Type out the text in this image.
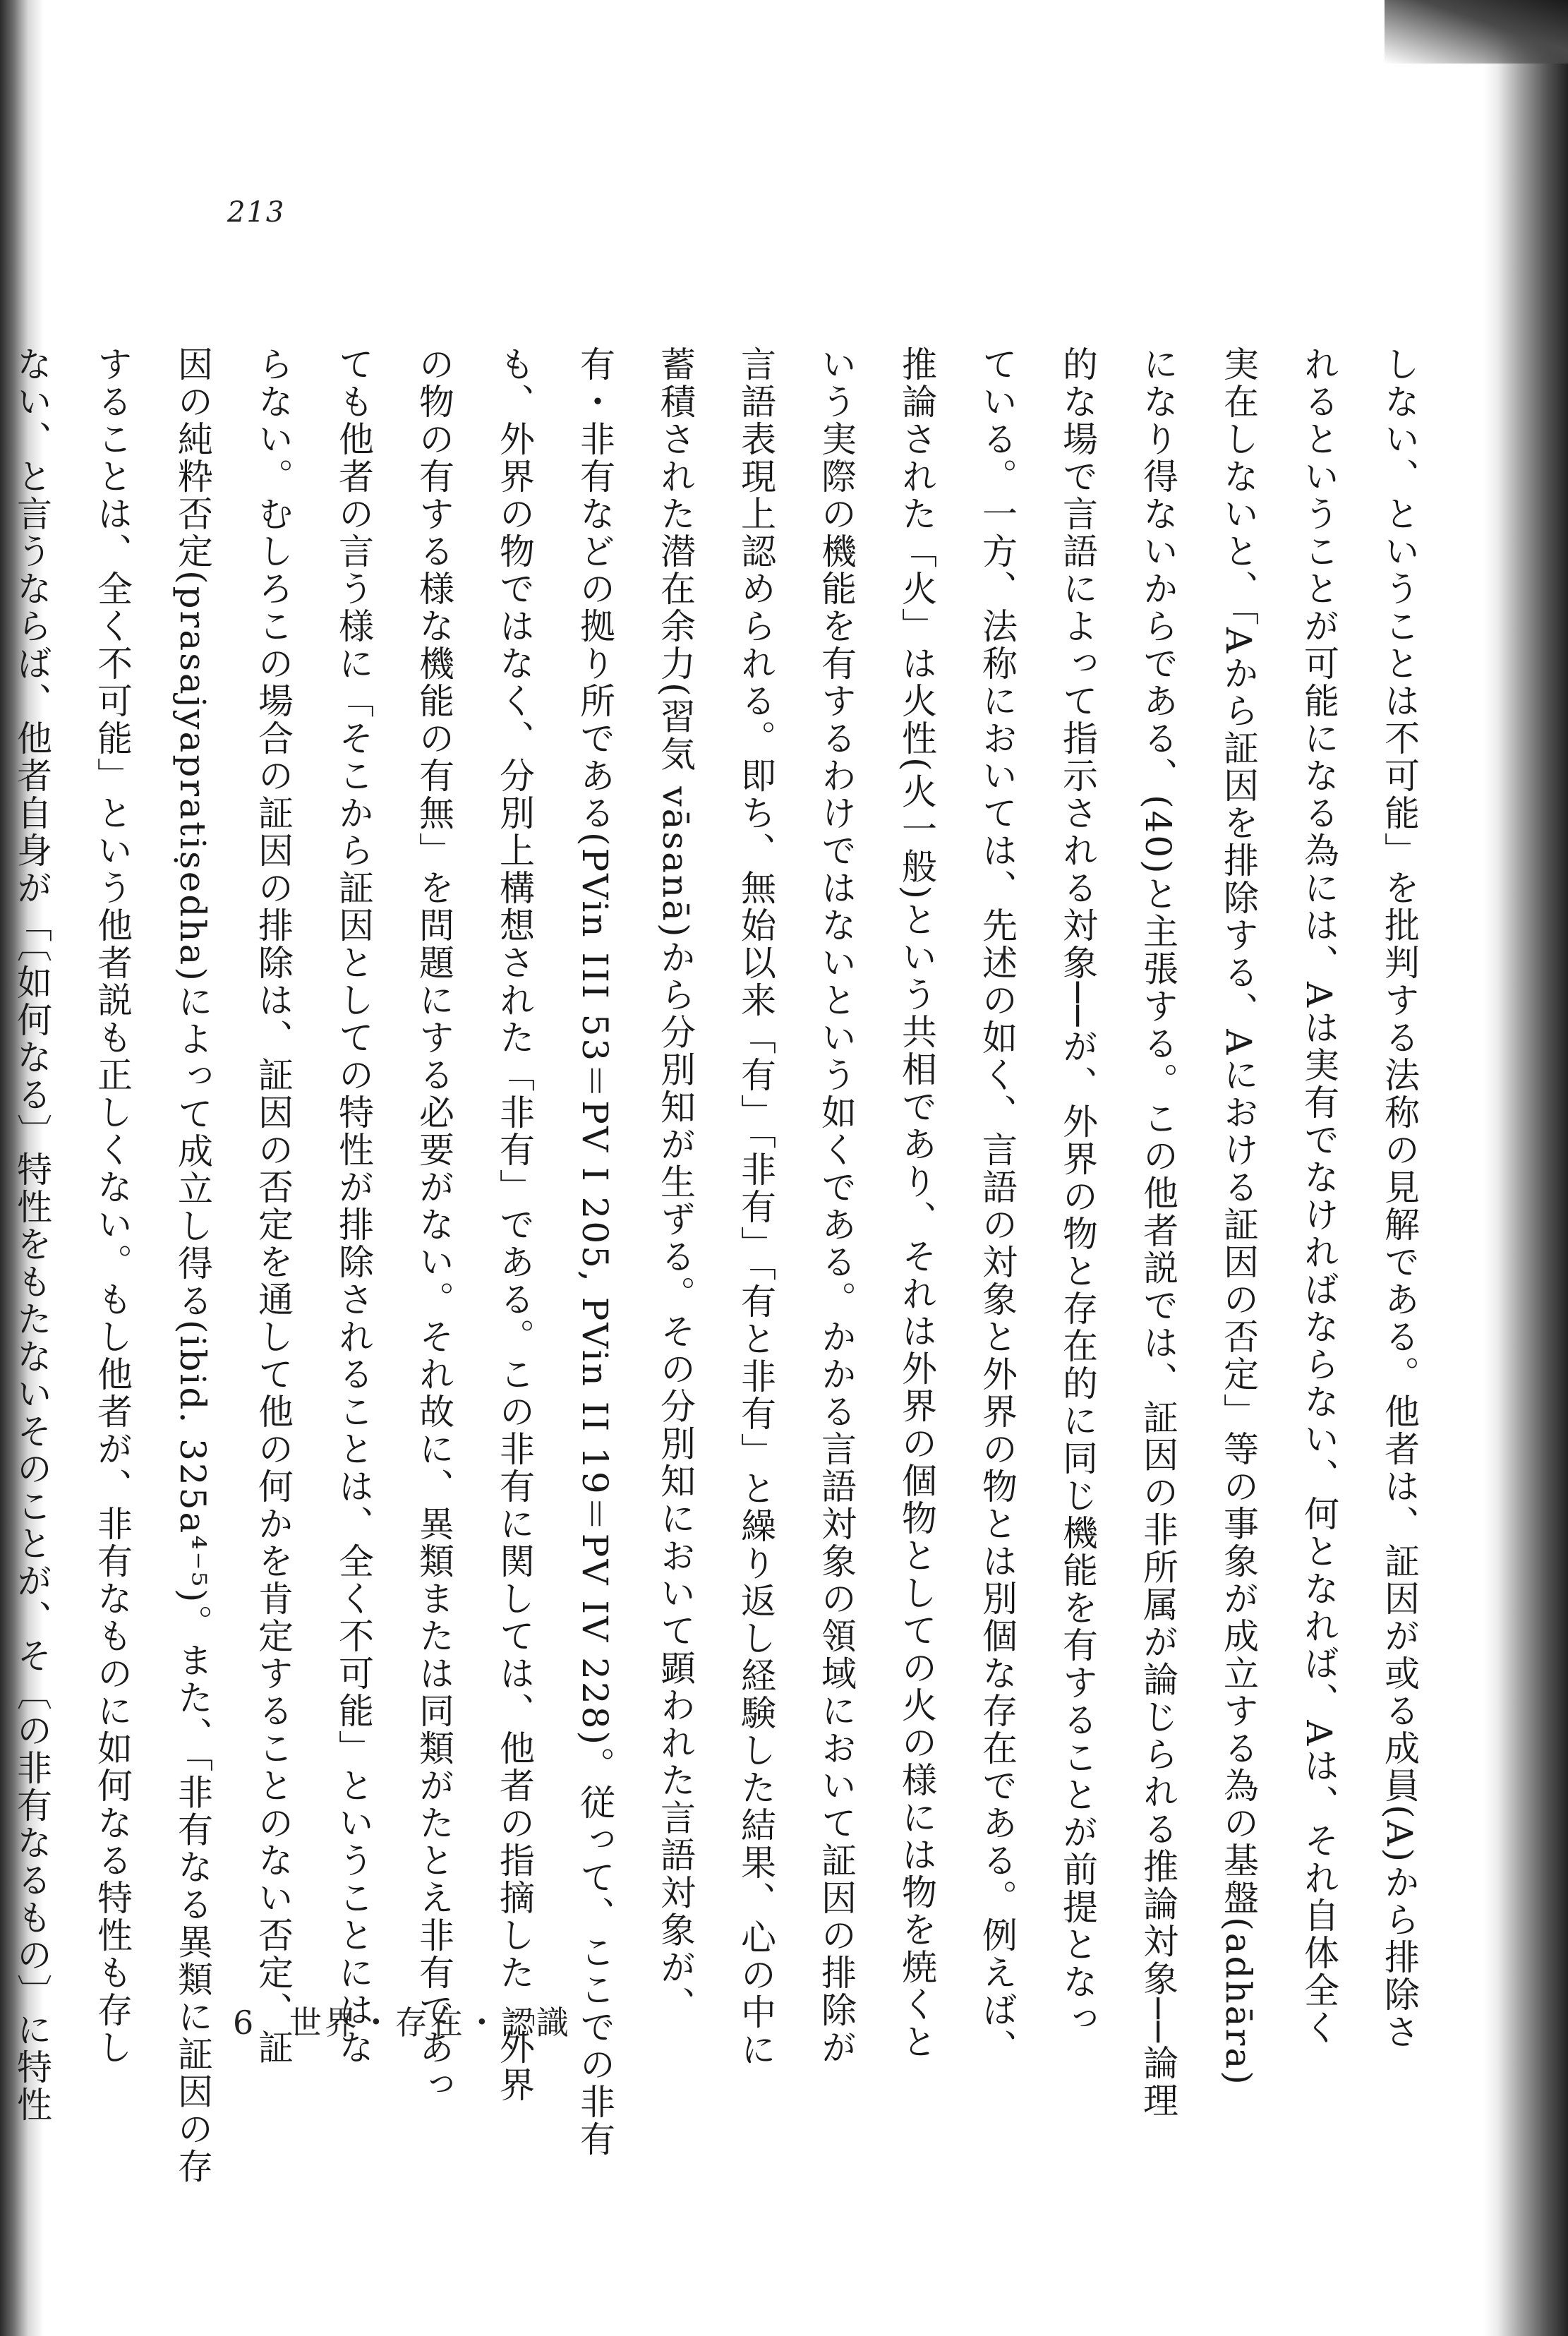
213
しない、ということは不可能」を批判する法称の見解である。他者は、証因が或る成員(A)から排除さ
れるということが可能になる為には、Aは実有でなければならない、何となれば、Aは、それ自体全く
実在しないと、「Aから証因を排除する、Aにおける証因の否定」等の事象が成立する為の基盤(adhāra)
になり得ないからである、(40)と主張する。この他者説では、証因の非所属が論じられる推論対象──論理
的な場で言語によって指示される対象──が、外界の物と存在的に同じ機能を有することが前提となっ
ている。一方、法称においては、先述の如く、言語の対象と外界の物とは別個な存在である。例えば、
推論された「火」は火性(火一般)という共相であり、それは外界の個物としての火の様には物を焼くと
いう実際の機能を有するわけではないという如くである。かかる言語対象の領域において証因の排除が
言語表現上認められる。即ち、無始以来「有」「非有」「有と非有」と繰り返し経験した結果、心の中に
蓄積された潜在余力(習気 vāsanā)から分別知が生ずる。その分別知において顕われた言語対象が、
有・非有などの拠り所である(PVin III 53＝PV I 205, PVin II 19＝PV IV 228)。従って、ここでの非有
も、外界の物ではなく、分別上構想された「非有」である。この非有に関しては、他者の指摘した「外界
の物の有する様な機能の有無」を問題にする必要がない。それ故に、異類または同類がたとえ非有であっ
ても他者の言う様に「そこから証因としての特性が排除されることは、全く不可能」ということにはな
らない。むしろこの場合の証因の排除は、証因の否定を通して他の何かを肯定することのない否定、証
因の純粋否定(prasajyapratiṣedha)によって成立し得る(ibid. 325a⁴⁻⁵)。また、「非有なる異類に証因の存
することは、全く不可能」という他者説も正しくない。もし他者が、非有なものに如何なる特性も存し
ない、と言うならば、他者自身が「〔如何なる〕特性をもたないそのことが、そ〔の非有なるもの〕に特性	6 世界・存在・認識
